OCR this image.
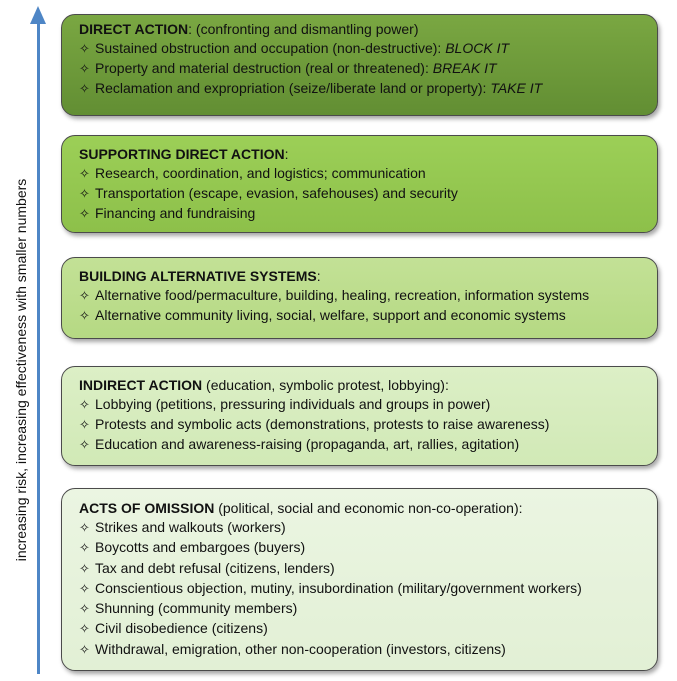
increasing risk, increasing effectiveness with smaller numbers
DIRECT ACTION: (confronting and dismantling power)
✧ Sustained obstruction and occupation (non-destructive): BLOCK IT
✧ Property and material destruction (real or threatened): BREAK IT
✧ Reclamation and expropriation (seize/liberate land or property): TAKE IT
SUPPORTING DIRECT ACTION:
✧ Research, coordination, and logistics; communication
✧ Transportation (escape, evasion, safehouses) and security
✧ Financing and fundraising
BUILDING ALTERNATIVE SYSTEMS:
✧ Alternative food/permaculture, building, healing, recreation, information systems
✧ Alternative community living, social, welfare, support and economic systems
INDIRECT ACTION (education, symbolic protest, lobbying):
✧ Lobbying (petitions, pressuring individuals and groups in power)
✧ Protests and symbolic acts (demonstrations, protests to raise awareness)
✧ Education and awareness-raising (propaganda, art, rallies, agitation)
ACTS OF OMISSION (political, social and economic non-co-operation):
✧ Strikes and walkouts (workers)
✧ Boycotts and embargoes (buyers)
✧ Tax and debt refusal (citizens, lenders)
✧ Conscientious objection, mutiny, insubordination (military/government workers)
✧ Shunning (community members)
✧ Civil disobedience (citizens)
✧ Withdrawal, emigration, other non-cooperation (investors, citizens)
